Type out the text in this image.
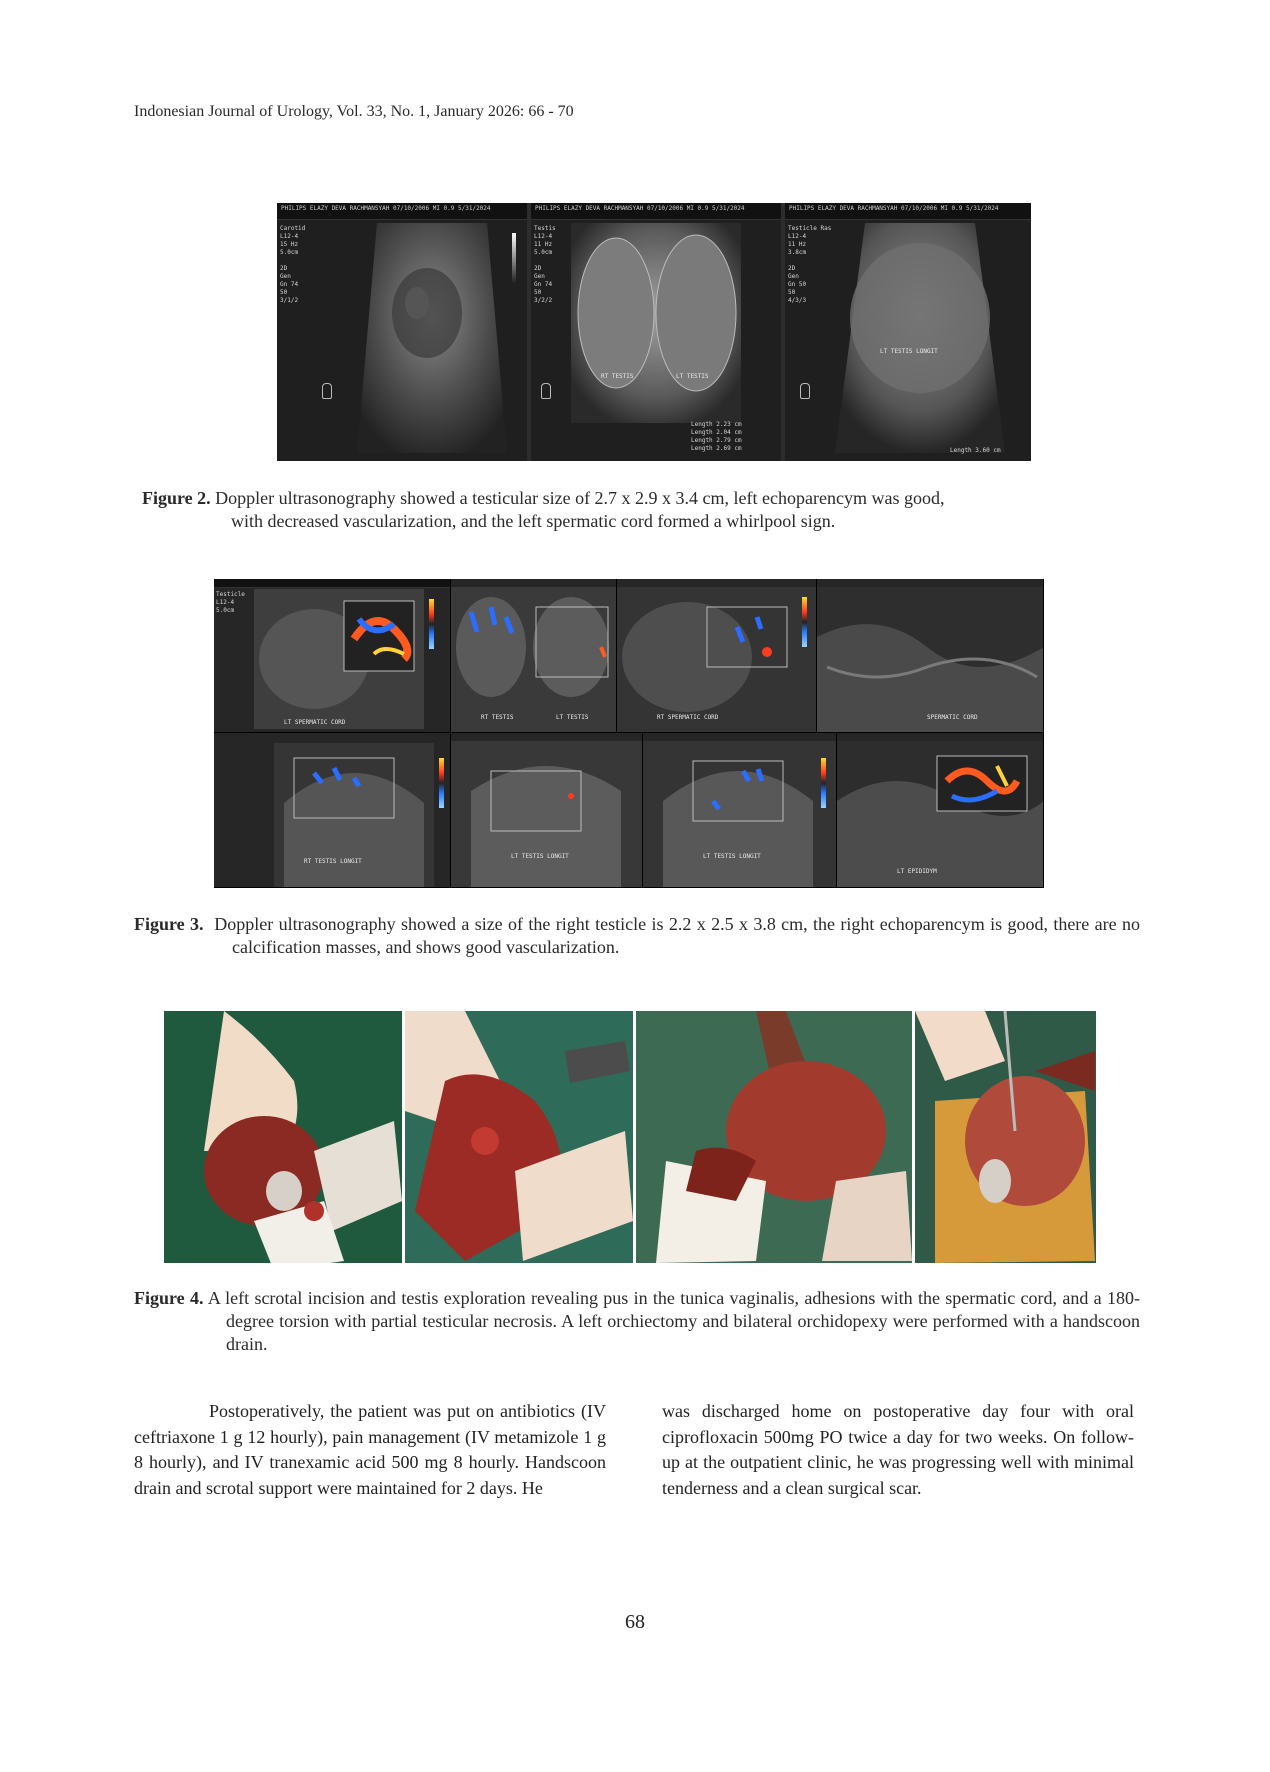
Indonesian Journal of Urology, Vol. 33, No. 1, January 2026: 66 - 70
PHILIPS ELAZY DEVA RACHMANSYAH 07/10/2006 MI 0.9 5/31/2024
Carotid
L12-4
15 Hz
5.0cm

2D
Gen
Gn 74
50
3/1/2
PHILIPS ELAZY DEVA RACHMANSYAH 07/10/2006 MI 0.9 5/31/2024
Testis
L12-4
11 Hz
5.0cm

2D
Gen
Gn 74
50
3/2/2
RT TESTIS	LT TESTIS
Length 2.23 cm
Length 2.04 cm
Length 2.79 cm
Length 2.69 cm
PHILIPS ELAZY DEVA RACHMANSYAH 07/10/2006 MI 0.9 5/31/2024
Testicle Ras
L12-4
11 Hz
3.8cm

2D
Gen
Gn 50
50
4/3/3
LT TESTIS LONGIT
Length 3.60 cm
Figure 2. Doppler ultrasonography showed a testicular size of 2.7 x 2.9 x 3.4 cm, left echoparencym was good,
with decreased vascularization, and the left spermatic cord formed a whirlpool sign.
Testicle
L12-4
5.0cm
LT SPERMATIC CORD
RT TESTIS	LT TESTIS	RT SPERMATIC CORD	SPERMATIC CORD
RT TESTIS LONGIT
LT TESTIS LONGIT	LT TESTIS LONGIT
LT EPIDIDYM
Figure 3. Doppler ultrasonography showed a size of the right testicle is 2.2 x 2.5 x 3.8 cm, the right echoparencym is good, there are no calcification masses, and shows good vascularization.
Figure 4. A left scrotal incision and testis exploration revealing pus in the tunica vaginalis, adhesions with the spermatic cord, and a 180-degree torsion with partial testicular necrosis. A left orchiectomy and bilateral orchidopexy were performed with a handscoon drain.
Postoperatively, the patient was put on antibiotics (IV ceftriaxone 1 g 12 hourly), pain management (IV metamizole 1 g 8 hourly), and IV tranexamic acid 500 mg 8 hourly. Handscoon drain and scrotal support were maintained for 2 days. He
was discharged home on postoperative day four with oral ciprofloxacin 500mg PO twice a day for two weeks. On follow-up at the outpatient clinic, he was progressing well with minimal tenderness and a clean surgical scar.
68
